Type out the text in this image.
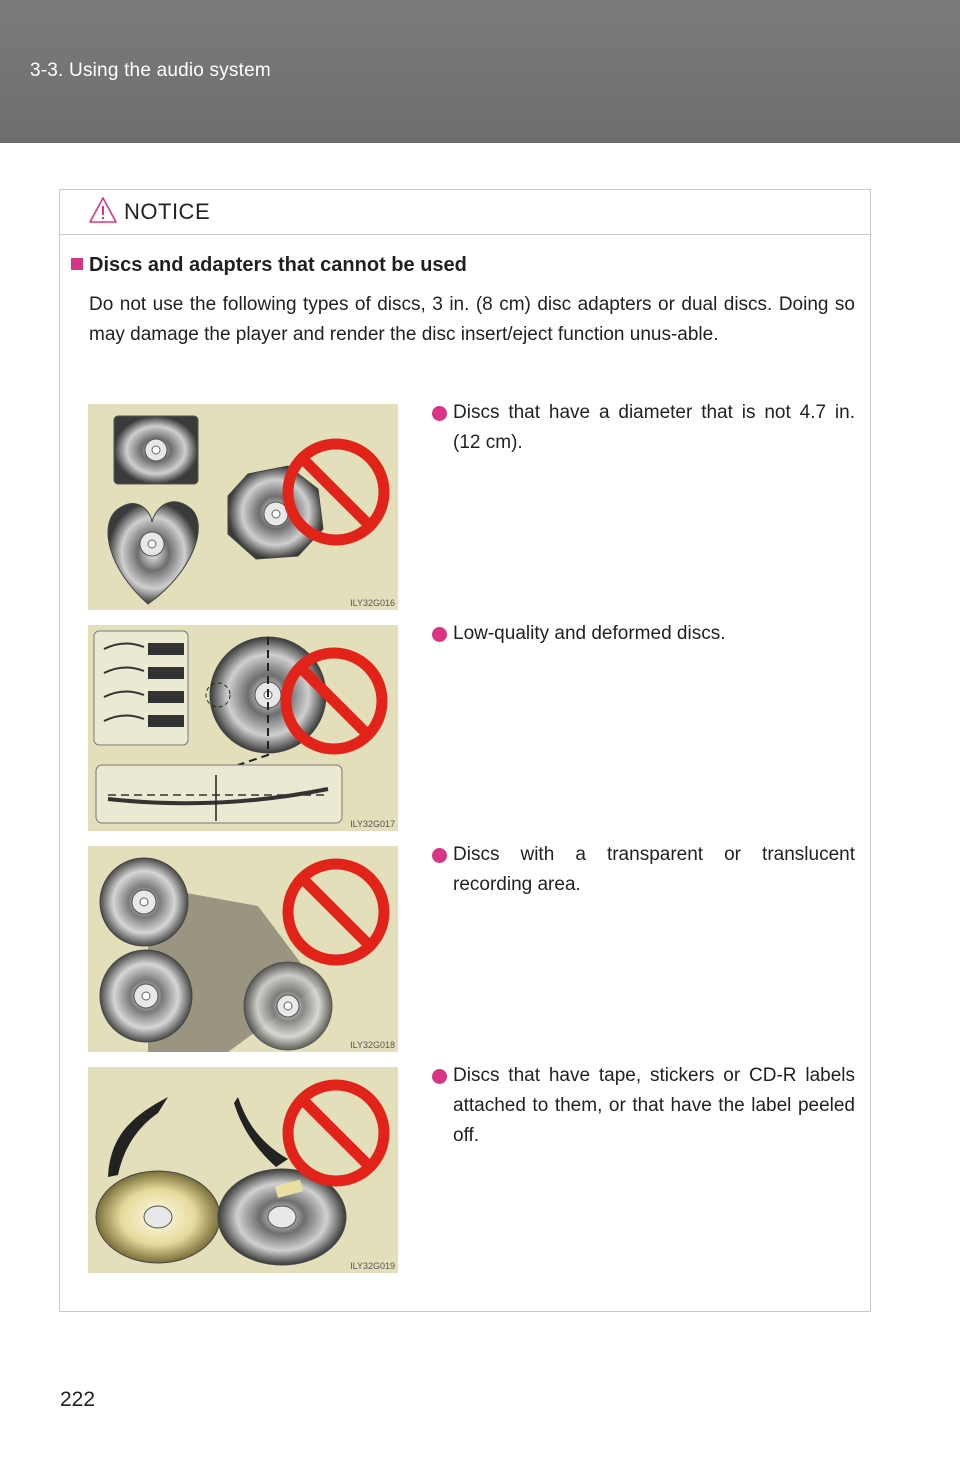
3-3. Using the audio system
NOTICE
Discs and adapters that cannot be used
Do not use the following types of discs, 3 in. (8 cm) disc adapters or dual discs. Doing so may damage the player and render the disc insert/eject function unus-able.
ILY32G016
ILY32G017
ILY32G018
ILY32G019
Discs that have a diameter that is not 4.7 in. (12 cm).
Low-quality and deformed discs.
Discs with a transparent or translucent recording area.
Discs that have tape, stickers or CD-R labels attached to them, or that have the label peeled off.
222
